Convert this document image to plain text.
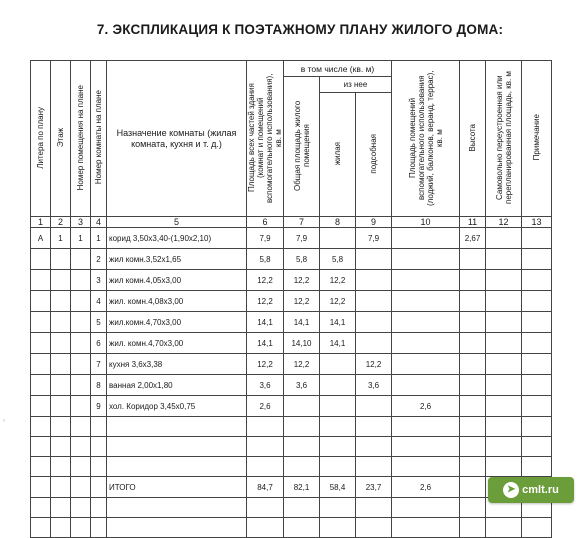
7. ЭКСПЛИКАЦИЯ К ПОЭТАЖНОМУ ПЛАНУ ЖИЛОГО ДОМА:
Литера по плану	Этаж	Номер помещения на плане	Номер комнаты на плане	Назначение комнаты (жилая комната, кухня и т. д.)	Площадь всех частей здания (комнат и помещений вспомогательного использования), кв. м	в том числе (кв. м)			Площадь помещений вспомогательного использования (лоджий, балконов, веранд, террас), кв. м	Высота	Самовольно переустроенная или перепланированная площадь, кв. м	Примечание
						Общая площадь жилого помещения	из нее					
							жилая	подсобная				
1	2	3	4	5	6	7	8	9	10	11	12	13
А	1	1	1	корид 3,50х3,40-(1,90х2,10)	7,9	7,9		7,9		2,67		
			2	жил комн.3,52х1,65	5,8	5,8	5,8					
			3	жил комн.4,05х3,00	12,2	12,2	12,2					
			4	жил. комн.4,08х3,00	12,2	12,2	12,2					
			5	жил.комн.4,70х3,00	14,1	14,1	14,1					
			6	жил. комн.4,70х3,00	14,1	14,10	14,1					
			7	кухня 3,6х3,38	12,2	12,2		12,2				
			8	ванная 2,00х1,80	3,6	3,6		3,6				
			9	хол. Коридор 3,45х0,75	2,6				2,6			

				ИТОГО	84,7	82,1	58,4	23,7	2,6			

’
➤ cmlt.ru
